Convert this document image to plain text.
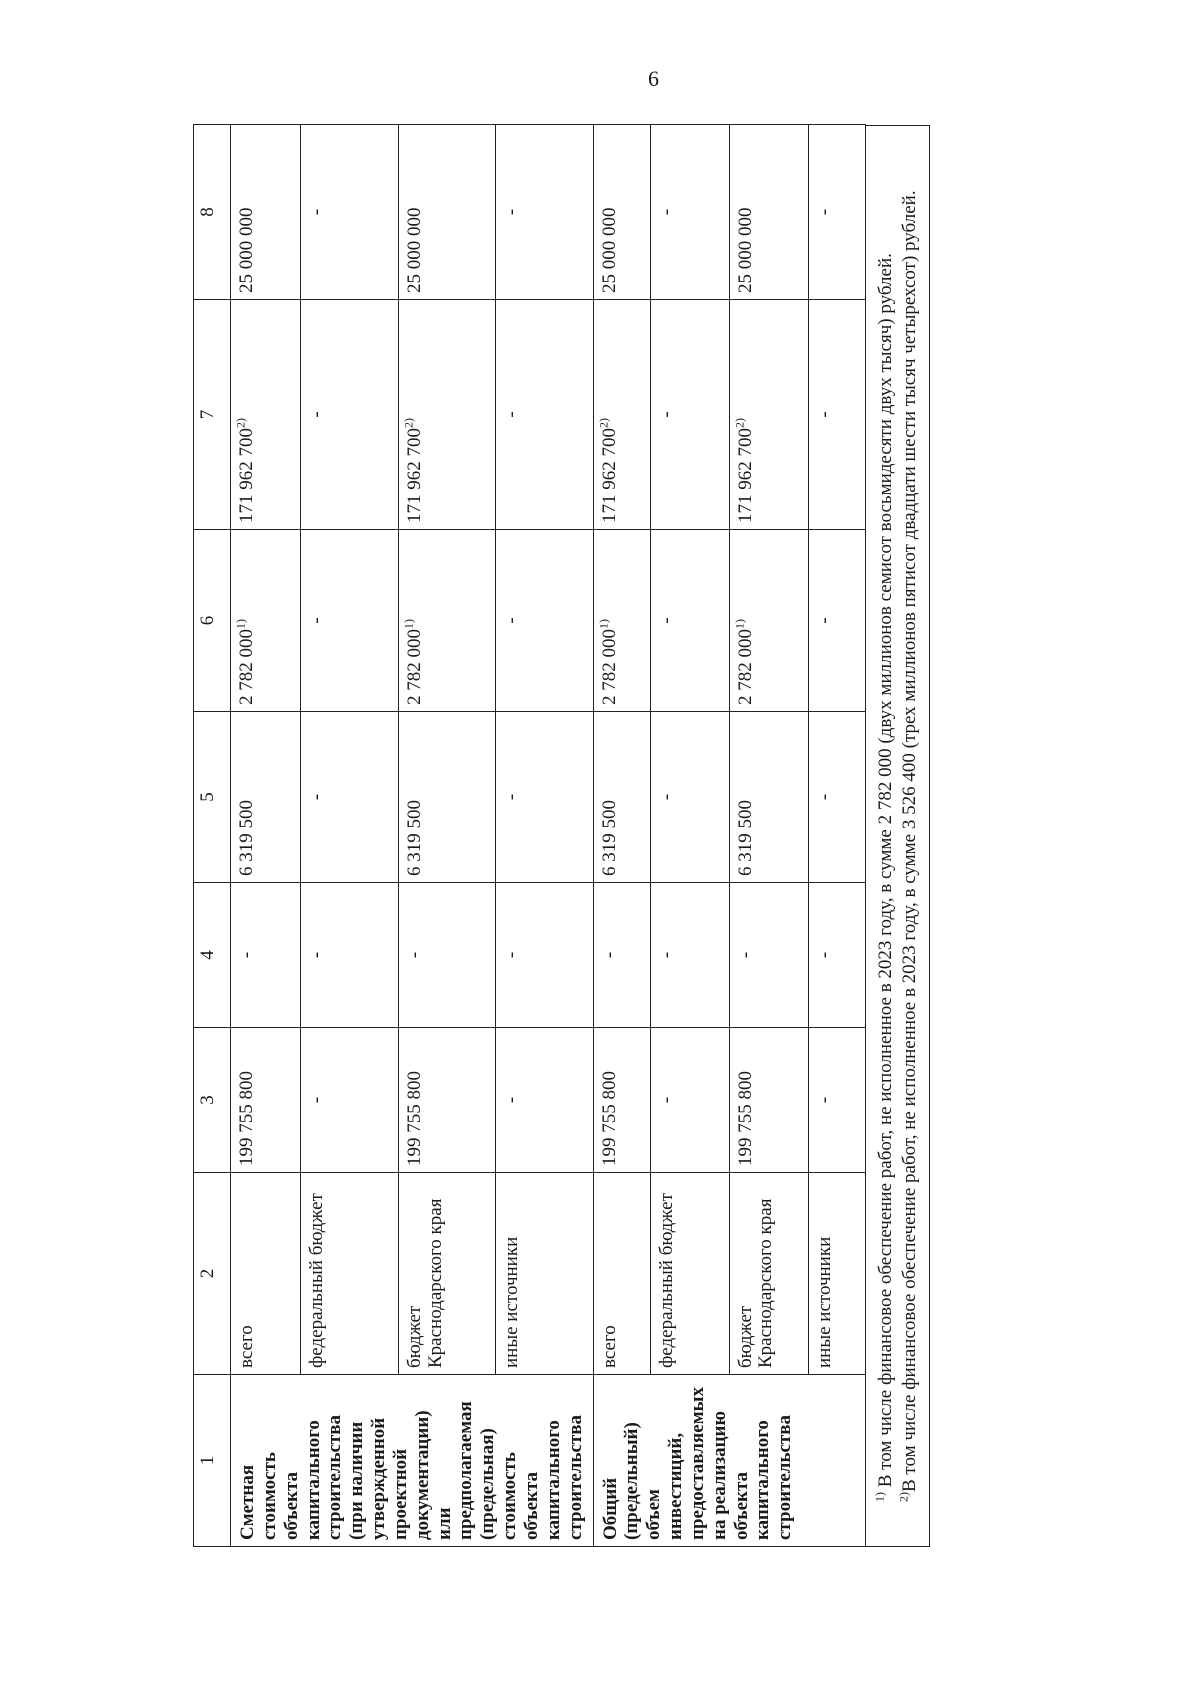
6
1	2	3	4	5	6	7	8
Сметная стоимость объекта капитального строительства (при наличии утвержденной проектной документации) или предполагаемая (предельная) стоимость объекта капитального строительства	всего	199 755 800	-	6 319 500	2 782 000$^{1)}$	171 962 700$^{2)}$	25 000 000
	федеральный бюджет	-	-	-	-	-	-
	бюджет Краснодарского края	199 755 800	-	6 319 500	2 782 000$^{1)}$	171 962 700$^{2)}$	25 000 000
	иные источники	-	-	-	-	-	-
Общий (предельный) объем инвестиций, предоставляемых на реализацию объекта капитального строительства	всего	199 755 800	-	6 319 500	2 782 000$^{1)}$	171 962 700$^{2)}$	25 000 000
	федеральный бюджет	-	-	-	-	-	-
	бюджет Краснодарского края	199 755 800	-	6 319 500	2 782 000$^{1)}$	171 962 700$^{2)}$	25 000 000
	иные источники	-	-	-	-	-	-

$^{1)}$ В том числе финансовое обеспечение работ, не исполненное в 2023 году, в сумме 2 782 000 (двух миллионов семисот восьмидесяти двух тысяч) рублей.

$^{2)}$В том числе финансовое обеспечение работ, не исполненное в 2023 году, в сумме 3 526 400 (трех миллионов пятисот двадцати шести тысяч четырехсот) рублей.
